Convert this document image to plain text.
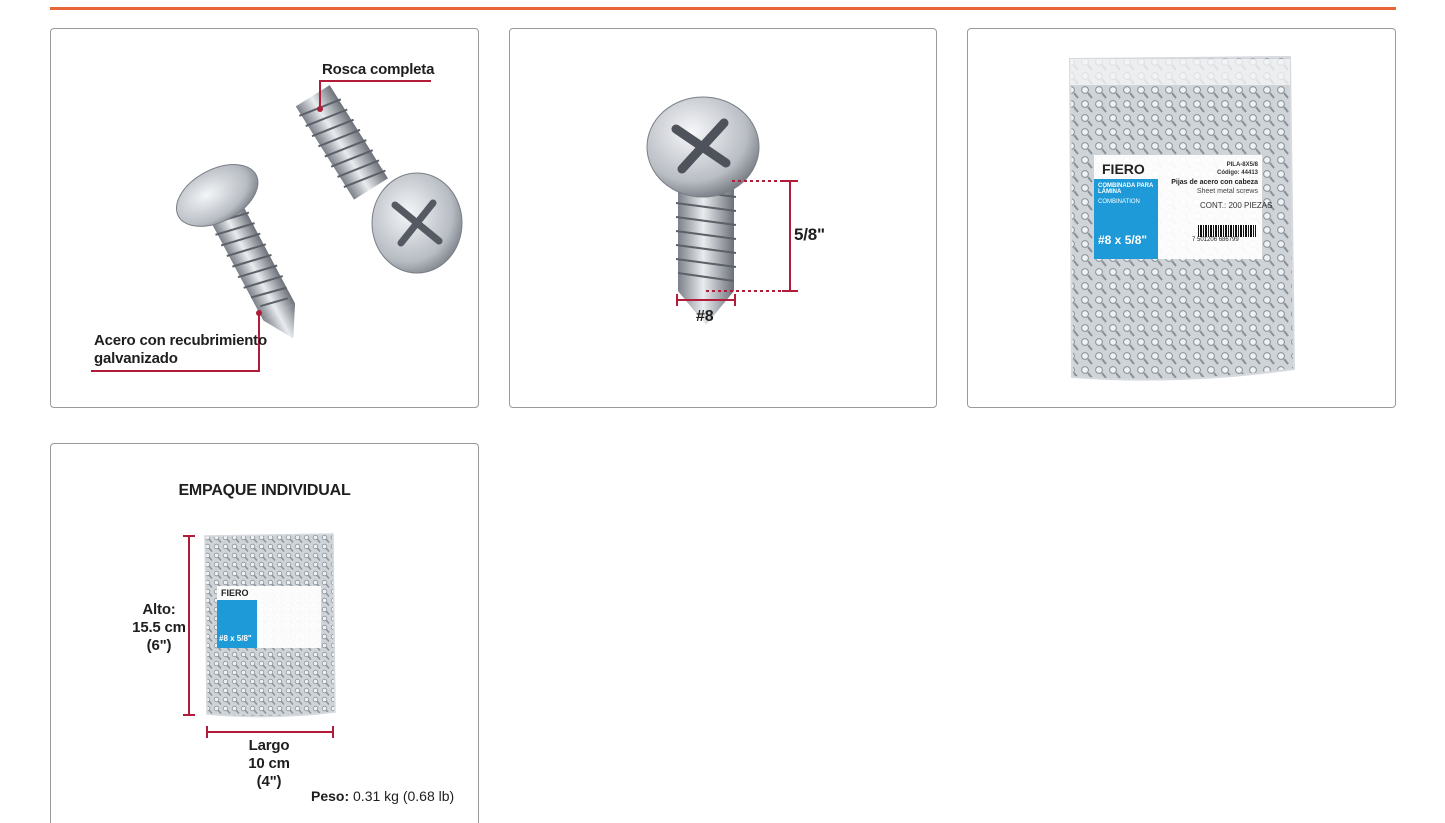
Rosca completa
Acero con recubrimiento
galvanizado
5/8"
#8
FIERO	PILA-8X5/8
Código: 44413
Pijas de acero con cabeza
Sheet metal screws
COMBINADA PARA LÁMINA
COMBINATION
#8 x 5/8"
CONT.: 200 PIEZAS
7 501206 686799
FIERO
#8 x 5/8"
EMPAQUE INDIVIDUAL
Alto:
15.5 cm
(6")
Largo
10 cm
(4")
Peso: 0.31 kg (0.68 lb)
